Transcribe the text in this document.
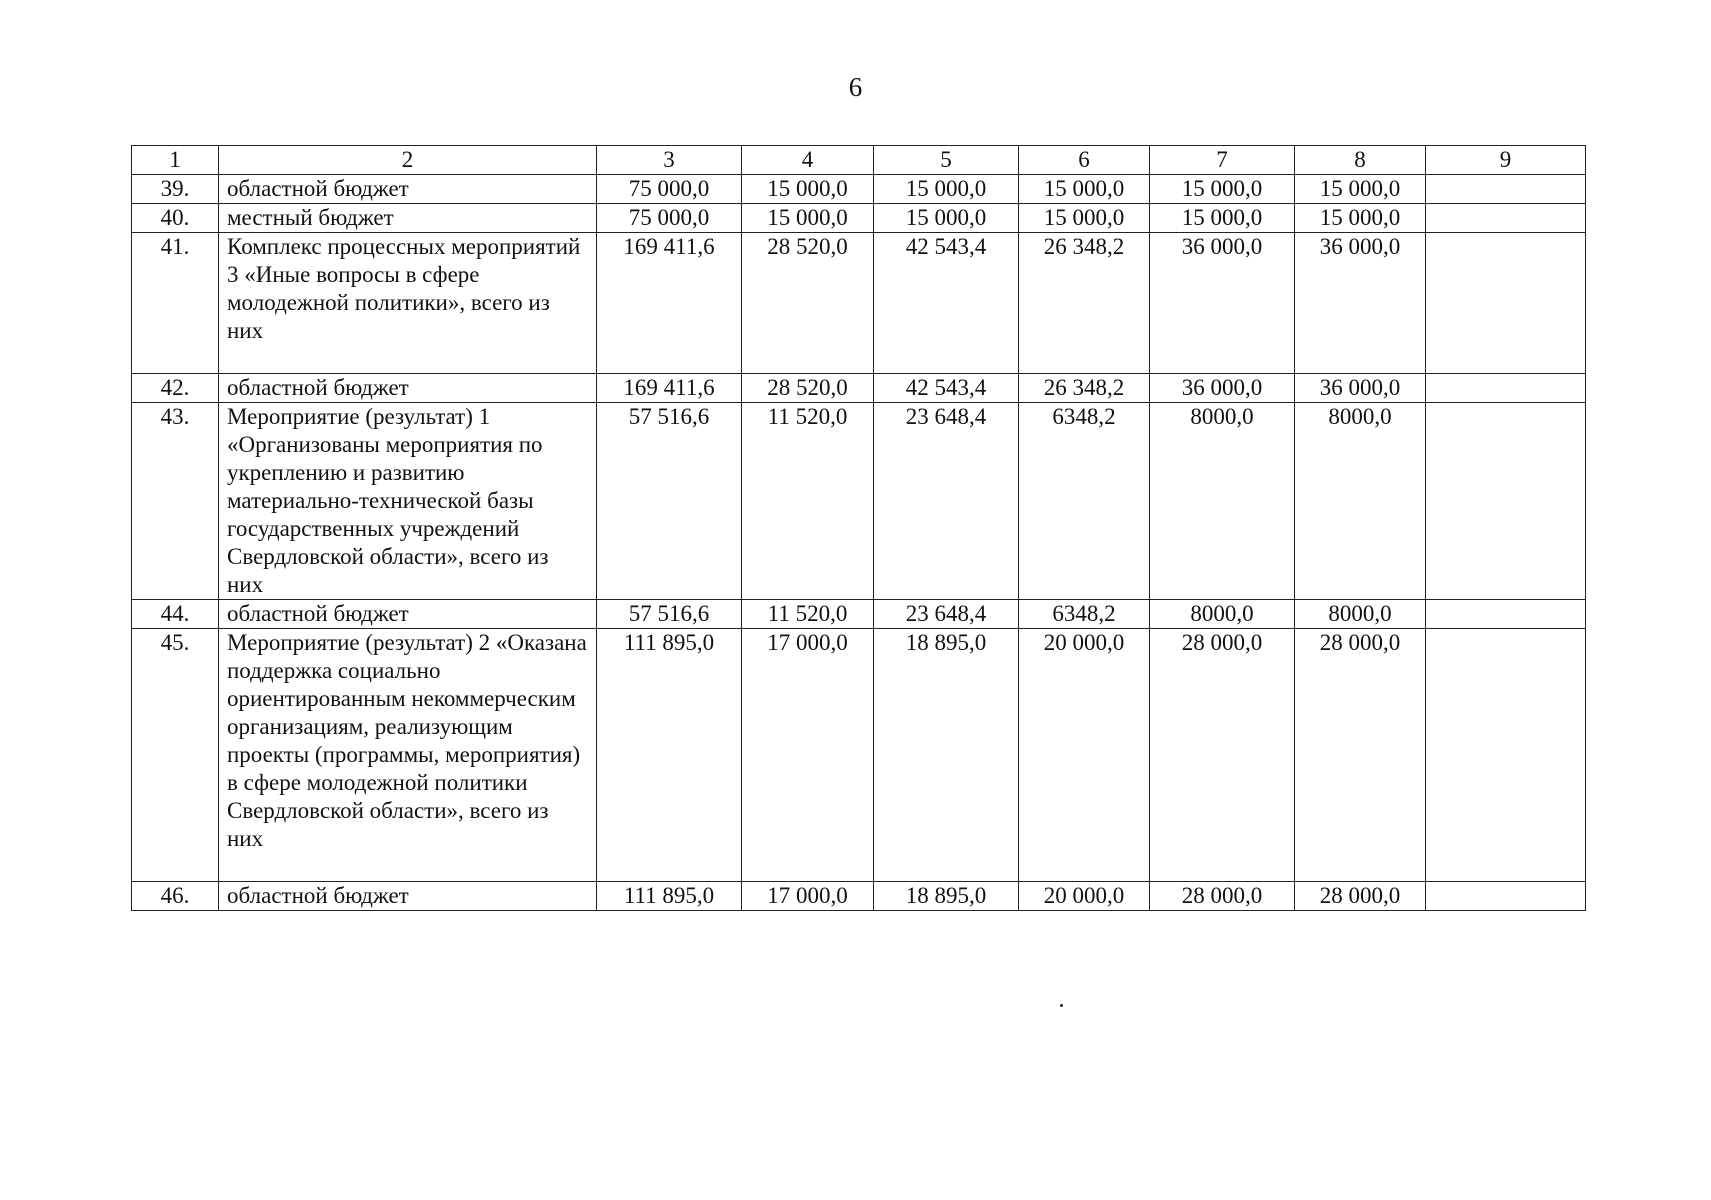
6
1	2	3	4	5	6	7	8	9
39.	областной бюджет	75 000,0	15 000,0	15 000,0	15 000,0	15 000,0	15 000,0	
40.	местный бюджет	75 000,0	15 000,0	15 000,0	15 000,0	15 000,0	15 000,0	
41.	Комплекс процессных мероприятий 3 «Иные вопросы в сфере молодежной политики», всего из них	169 411,6	28 520,0	42 543,4	26 348,2	36 000,0	36 000,0	
42.	областной бюджет	169 411,6	28 520,0	42 543,4	26 348,2	36 000,0	36 000,0	
43.	Мероприятие (результат) 1 «Организованы мероприятия по укреплению и развитию материально-технической базы государственных учреждений Свердловской области», всего из них	57 516,6	11 520,0	23 648,4	6348,2	8000,0	8000,0	
44.	областной бюджет	57 516,6	11 520,0	23 648,4	6348,2	8000,0	8000,0	
45.	Мероприятие (результат) 2 «Оказана поддержка социально ориентированным некоммерческим организациям, реализующим проекты (программы, мероприятия) в сфере молодежной политики Свердловской области», всего из них	111 895,0	17 000,0	18 895,0	20 000,0	28 000,0	28 000,0	
46.	областной бюджет	111 895,0	17 000,0	18 895,0	20 000,0	28 000,0	28 000,0	
